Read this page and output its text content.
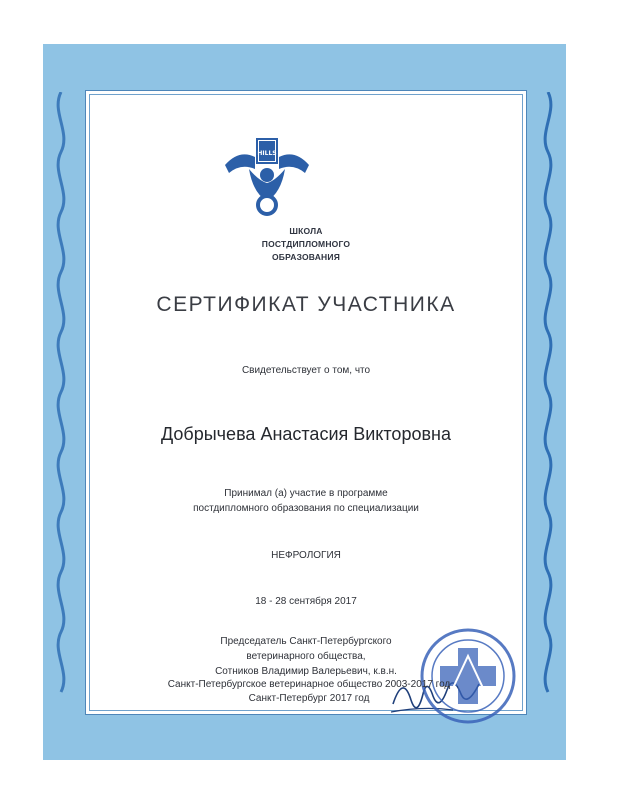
HILLS
ШКОЛА
ПОСТДИПЛОМНОГО
ОБРАЗОВАНИЯ
СЕРТИФИКАТ УЧАСТНИКА
Свидетельствует о том, что
Добрычева Анастасия Викторовна
Принимал (а) участие в программе
постдипломного образования по специализации
НЕФРОЛОГИЯ
18 - 28 сентября 2017
Председатель Санкт-Петербургского
ветеринарного общества,
Сотников Владимир Валерьевич, к.в.н.
Санкт-Петербургское ветеринарное общество 2003-2017 год
Санкт-Петербург 2017 год
